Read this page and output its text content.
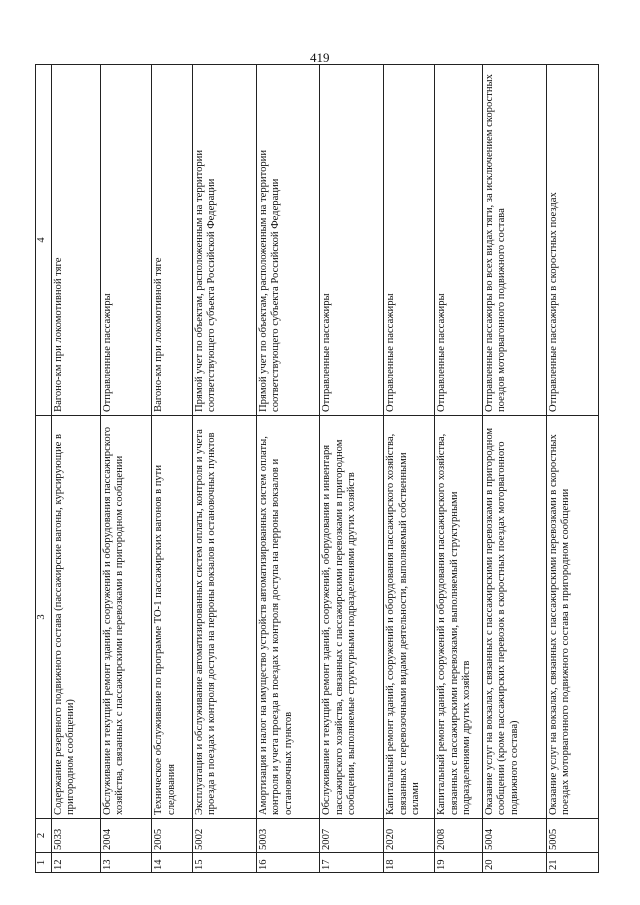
419
1	2	3	4
12	5033	Содержание резервного подвижного состава (пассажирские вагоны, курсирующие в пригородном сообщении)	Вагоно-км при локомотивной тяге
13	2004	Обслуживание и текущий ремонт зданий, сооружений и оборудования пассажирского хозяйства, связанных с пассажирскими перевозками в пригородном сообщении	Отправленные пассажиры
14	2005	Техническое обслуживание по программе ТО-1 пассажирских вагонов в пути следования	Вагоно-км при локомотивной тяге
15	5002	Эксплуатация и обслуживание автоматизированных систем оплаты, контроля и учета проезда в поездах и контроля доступа на перроны вокзалов и остановочных пунктов	Прямой учет по объектам, расположенным на территории соответствующего субъекта Российской Федерации
16	5003	Амортизация и налог на имущество устройств автоматизированных систем оплаты, контроля и учета проезда в поездах и контроля доступа на перроны вокзалов и остановочных пунктов	Прямой учет по объектам, расположенным на территории соответствующего субъекта Российской Федерации
17	2007	Обслуживание и текущий ремонт зданий, сооружений, оборудования и инвентаря пассажирского хозяйства, связанных с пассажирскими перевозками в пригородном сообщении, выполняемые структурными подразделениями других хозяйств	Отправленные пассажиры
18	2020	Капитальный ремонт зданий, сооружений и оборудования пассажирского хозяйства, связанных с перевозочными видами деятельности, выполняемый собственными силами	Отправленные пассажиры
19	2008	Капитальный ремонт зданий, сооружений и оборудования пассажирского хозяйства, связанных с пассажирскими перевозками, выполняемый структурными подразделениями других хозяйств	Отправленные пассажиры
20	5004	Оказание услуг на вокзалах, связанных с пассажирскими перевозками в пригородном сообщении (кроме пассажирских перевозок в скоростных поездах моторвагонного подвижного состава)	Отправленные пассажиры во всех видах тяги, за исключением скоростных поездов моторвагонного подвижного состава
21	5005	Оказание услуг на вокзалах, связанных с пассажирскими перевозками в скоростных поездах моторвагонного подвижного состава в пригородном сообщении	Отправленные пассажиры в скоростных поездах
